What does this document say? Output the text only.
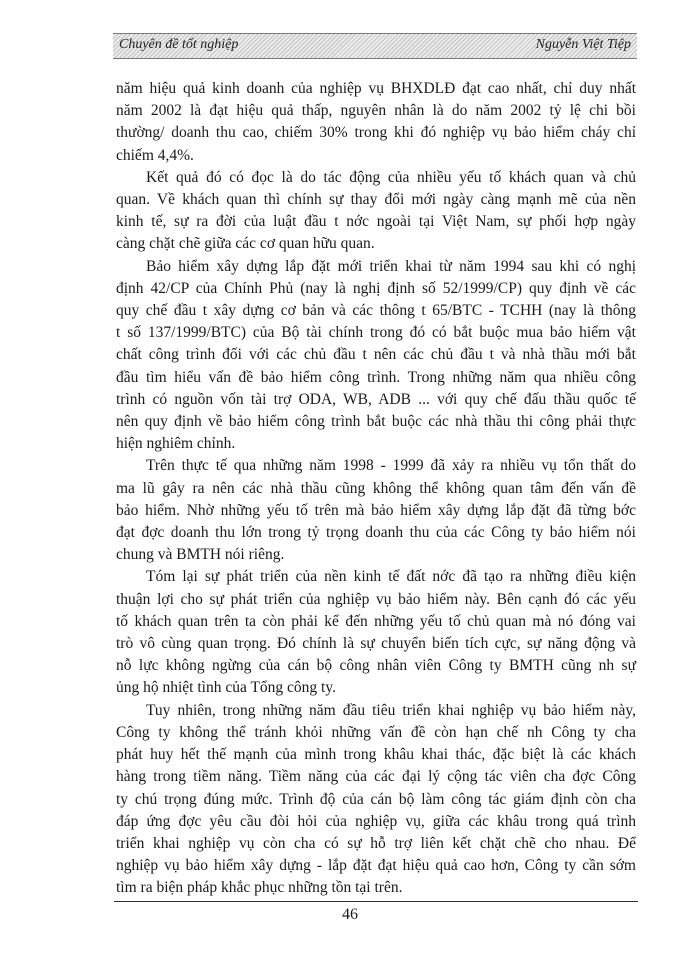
Chuyên đề tốt nghiệp	Nguyễn Việt Tiệp

năm hiệu quả kinh doanh của nghiệp vụ BHXDLĐ đạt cao nhất, chỉ duy nhất
năm 2002 là đạt hiệu quả thấp, nguyên nhân là do năm 2002 tỷ lệ chi bồi
thường/ doanh thu cao, chiếm 30% trong khi đó nghiệp vụ bảo hiểm cháy chỉ
chiếm 4,4%.

Kết quả đó có đọc là do tác động của nhiều yếu tố khách quan và chủ
quan. Về khách quan thì chính sự thay đổi mới ngày càng mạnh mẽ của nền
kinh tế, sự ra đời của luật đầu t nớc ngoài tại Việt Nam, sự phối hợp ngày
càng chặt chẽ giữa các cơ quan hữu quan.

Bảo hiểm xây dựng lắp đặt mới triển khai từ năm 1994 sau khi có nghị
định 42/CP của Chính Phủ (nay là nghị định số 52/1999/CP) quy định về các
quy chế đầu t xây dựng cơ bản và các thông t 65/BTC - TCHH (nay là thông
t số 137/1999/BTC) của Bộ tài chính trong đó có bắt buộc mua bảo hiểm vật
chất công trình đối với các chủ đầu t nên các chủ đầu t và nhà thầu mới bắt
đầu tìm hiểu vấn đề bảo hiểm công trình. Trong những năm qua nhiều công
trình có nguồn vốn tài trợ ODA, WB, ADB ... với quy chế đấu thầu quốc tế
nên quy định về bảo hiểm công trình bắt buộc các nhà thầu thi công phải thực
hiện nghiêm chỉnh.

Trên thực tế qua những năm 1998 - 1999 đã xảy ra nhiều vụ tổn thất do
ma lũ gây ra nên các nhà thầu cũng không thể không quan tâm đến vấn đề
bảo hiểm. Nhờ những yếu tố trên mà bảo hiểm xây dựng lắp đặt đã từng bớc
đạt đợc doanh thu lớn trong tỷ trọng doanh thu của các Công ty bảo hiểm nói
chung và BMTH nói riêng.

Tóm lại sự phát triển của nền kinh tế đất nớc đã tạo ra những điều kiện
thuận lợi cho sự phát triển của nghiệp vụ bảo hiểm này. Bên cạnh đó các yếu
tố khách quan trên ta còn phải kể đến những yếu tố chủ quan mà nó đóng vai
trò vô cùng quan trọng. Đó chính là sự chuyển biến tích cực, sự năng động và
nỗ lực không ngừng của cán bộ công nhân viên Công ty BMTH cũng nh sự
ủng hộ nhiệt tình của Tổng công ty.

Tuy nhiên, trong những năm đầu tiêu triển khai nghiệp vụ bảo hiểm này,
Công ty không thể tránh khỏi những vấn đề còn hạn chế nh Công ty cha
phát huy hết thế mạnh của mình trong khâu khai thác, đặc biệt là các khách
hàng trong tiềm năng. Tiềm năng của các đại lý cộng tác viên cha đợc Công
ty chú trọng đúng mức. Trình độ của cán bộ làm công tác giám định còn cha
đáp ứng đợc yêu cầu đòi hỏi của nghiệp vụ, giữa các khâu trong quá trình
triển khai nghiệp vụ còn cha có sự hỗ trợ liên kết chặt chẽ cho nhau. Để
nghiệp vụ bảo hiểm xây dựng - lắp đặt đạt hiệu quả cao hơn, Công ty cần sớm
tìm ra biện pháp khắc phục những tồn tại trên.

46
